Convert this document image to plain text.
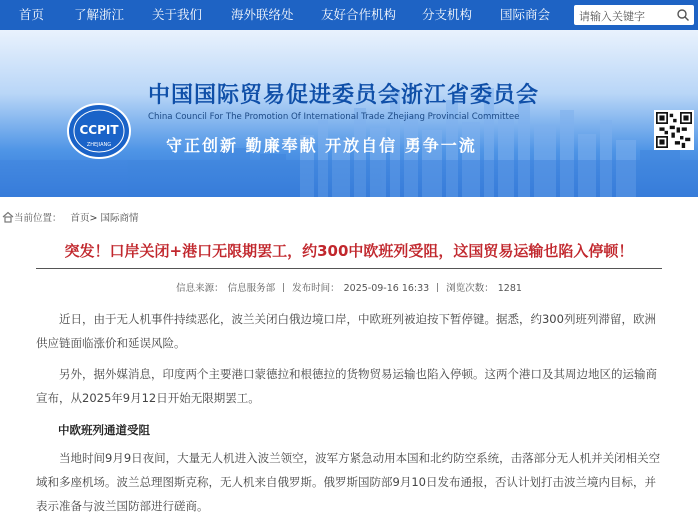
首页 了解浙江 关于我们 海外联络处 友好合作机构 分支机构 国际商会
请输入关键字
CCPIT
ZHEJIANG
中国国际贸易促进委员会浙江省委员会
China Council For The Promotion Of International Trade Zhejiang Provincial Committee
守正创新 勤廉奉献 开放自信 勇争一流
简体 繁体 En 微信 无障碍阅读
当前位置： 首页> 国际商情
突发！口岸关闭+港口无限期罢工，约300中欧班列受阻，这国贸易运输也陷入停顿！
信息来源： 信息服务部 发布时间： 2025-09-16 16:33 浏览次数： 1281

近日，由于无人机事件持续恶化，波兰关闭白俄边境口岸，中欧班列被迫按下暂停键。据悉，约300列班列滞留，欧洲供应链面临涨价和延误风险。

另外，据外媒消息，印度两个主要港口蒙德拉和根德拉的货物贸易运输也陷入停顿。这两个港口及其周边地区的运输商宣布，从2025年9月12日开始无限期罢工。

中欧班列通道受阻

当地时间9月9日夜间，大量无人机进入波兰领空，波军方紧急动用本国和北约防空系统，击落部分无人机并关闭相关空域和多座机场。波兰总理图斯克称，无人机来自俄罗斯。俄罗斯国防部9月10日发布通报，否认计划打击波兰境内目标，并表示准备与波兰国防部进行磋商。
